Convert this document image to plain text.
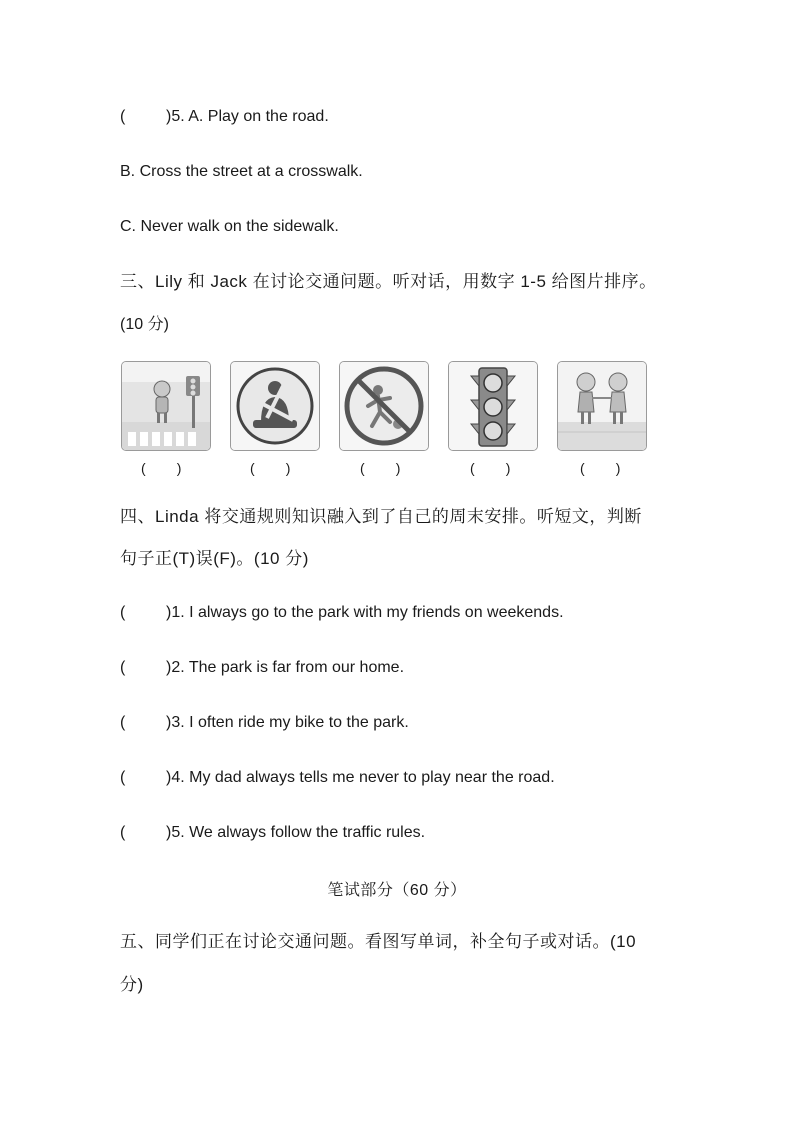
(	)5. A. Play on the road.
B. Cross the street at a crosswalk.
C. Never walk on the sidewalk.
三、Lily 和 Jack 在讨论交通问题。听对话，用数字 1-5 给图片排序。
(10 分)
(        )	(        )	(        )	(        )	(        )
四、Linda 将交通规则知识融入到了自己的周末安排。听短文，判断
句子正(T)误(F)。(10 分)
(	)1. I always go to the park with my friends on weekends.
(	)2. The park is far from our home.
(	)3. I often ride my bike to the park.
(	)4. My dad always tells me never to play near the road.
(	)5. We always follow the traffic rules.
笔试部分（60 分）
五、同学们正在讨论交通问题。看图写单词，补全句子或对话。(10
分)
